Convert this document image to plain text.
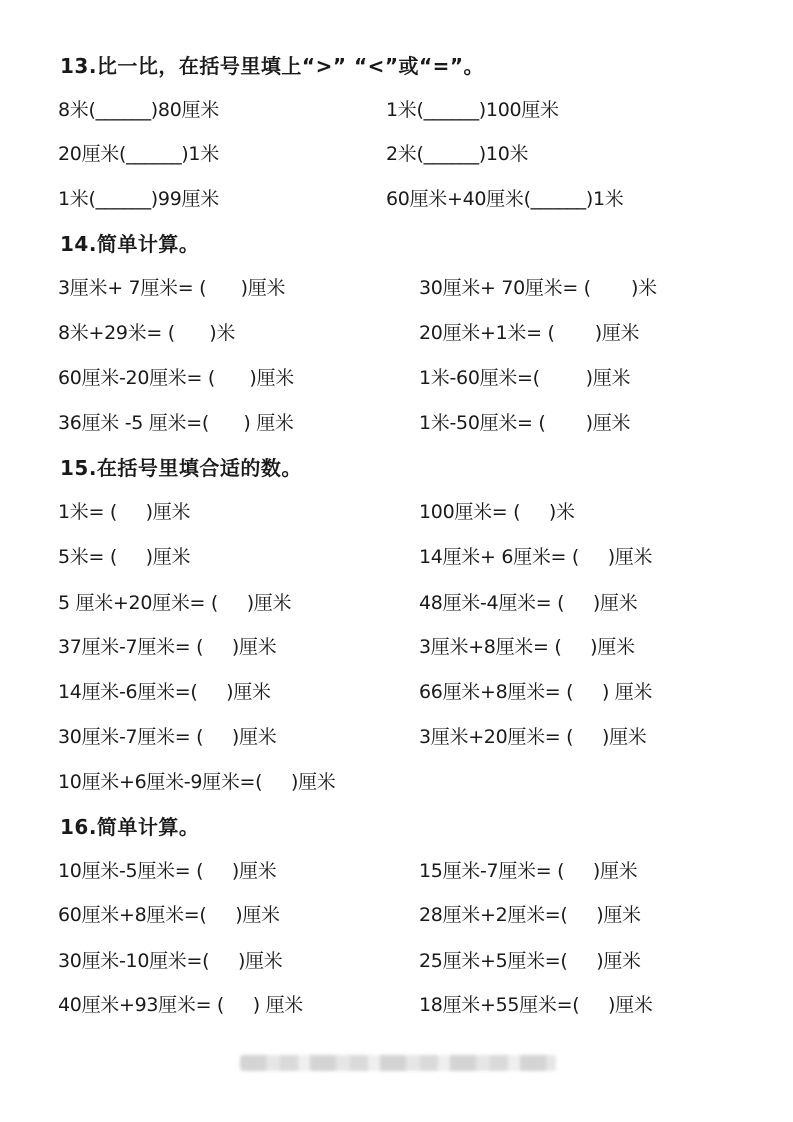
13.比一比，在括号里填上“>” “<”或“=”。
8米(______)80厘米	1米(______)100厘米
20厘米(______)1米	2米(______)10米
1米(______)99厘米	60厘米+40厘米(______)1米
14.简单计算。
3厘米+ 7厘米= (      )厘米	30厘米+ 70厘米= (       )米
8米+29米= (      )米	20厘米+1米= (       )厘米
60厘米-20厘米= (      )厘米	1米-60厘米=(        )厘米
36厘米 -5 厘米=(      ) 厘米	1米-50厘米= (       )厘米
15.在括号里填合适的数。
1米= (     )厘米	100厘米= (     )米
5米= (     )厘米	14厘米+ 6厘米= (     )厘米
5 厘米+20厘米= (     )厘米	48厘米-4厘米= (     )厘米
37厘米-7厘米= (     )厘米	3厘米+8厘米= (     )厘米
14厘米-6厘米=(     )厘米	66厘米+8厘米= (     ) 厘米
30厘米-7厘米= (     )厘米	3厘米+20厘米= (     )厘米
10厘米+6厘米-9厘米=(     )厘米
16.简单计算。
10厘米-5厘米= (     )厘米	15厘米-7厘米= (     )厘米
60厘米+8厘米=(     )厘米	28厘米+2厘米=(     )厘米
30厘米-10厘米=(     )厘米	25厘米+5厘米=(     )厘米
40厘米+93厘米= (     ) 厘米	18厘米+55厘米=(     )厘米
